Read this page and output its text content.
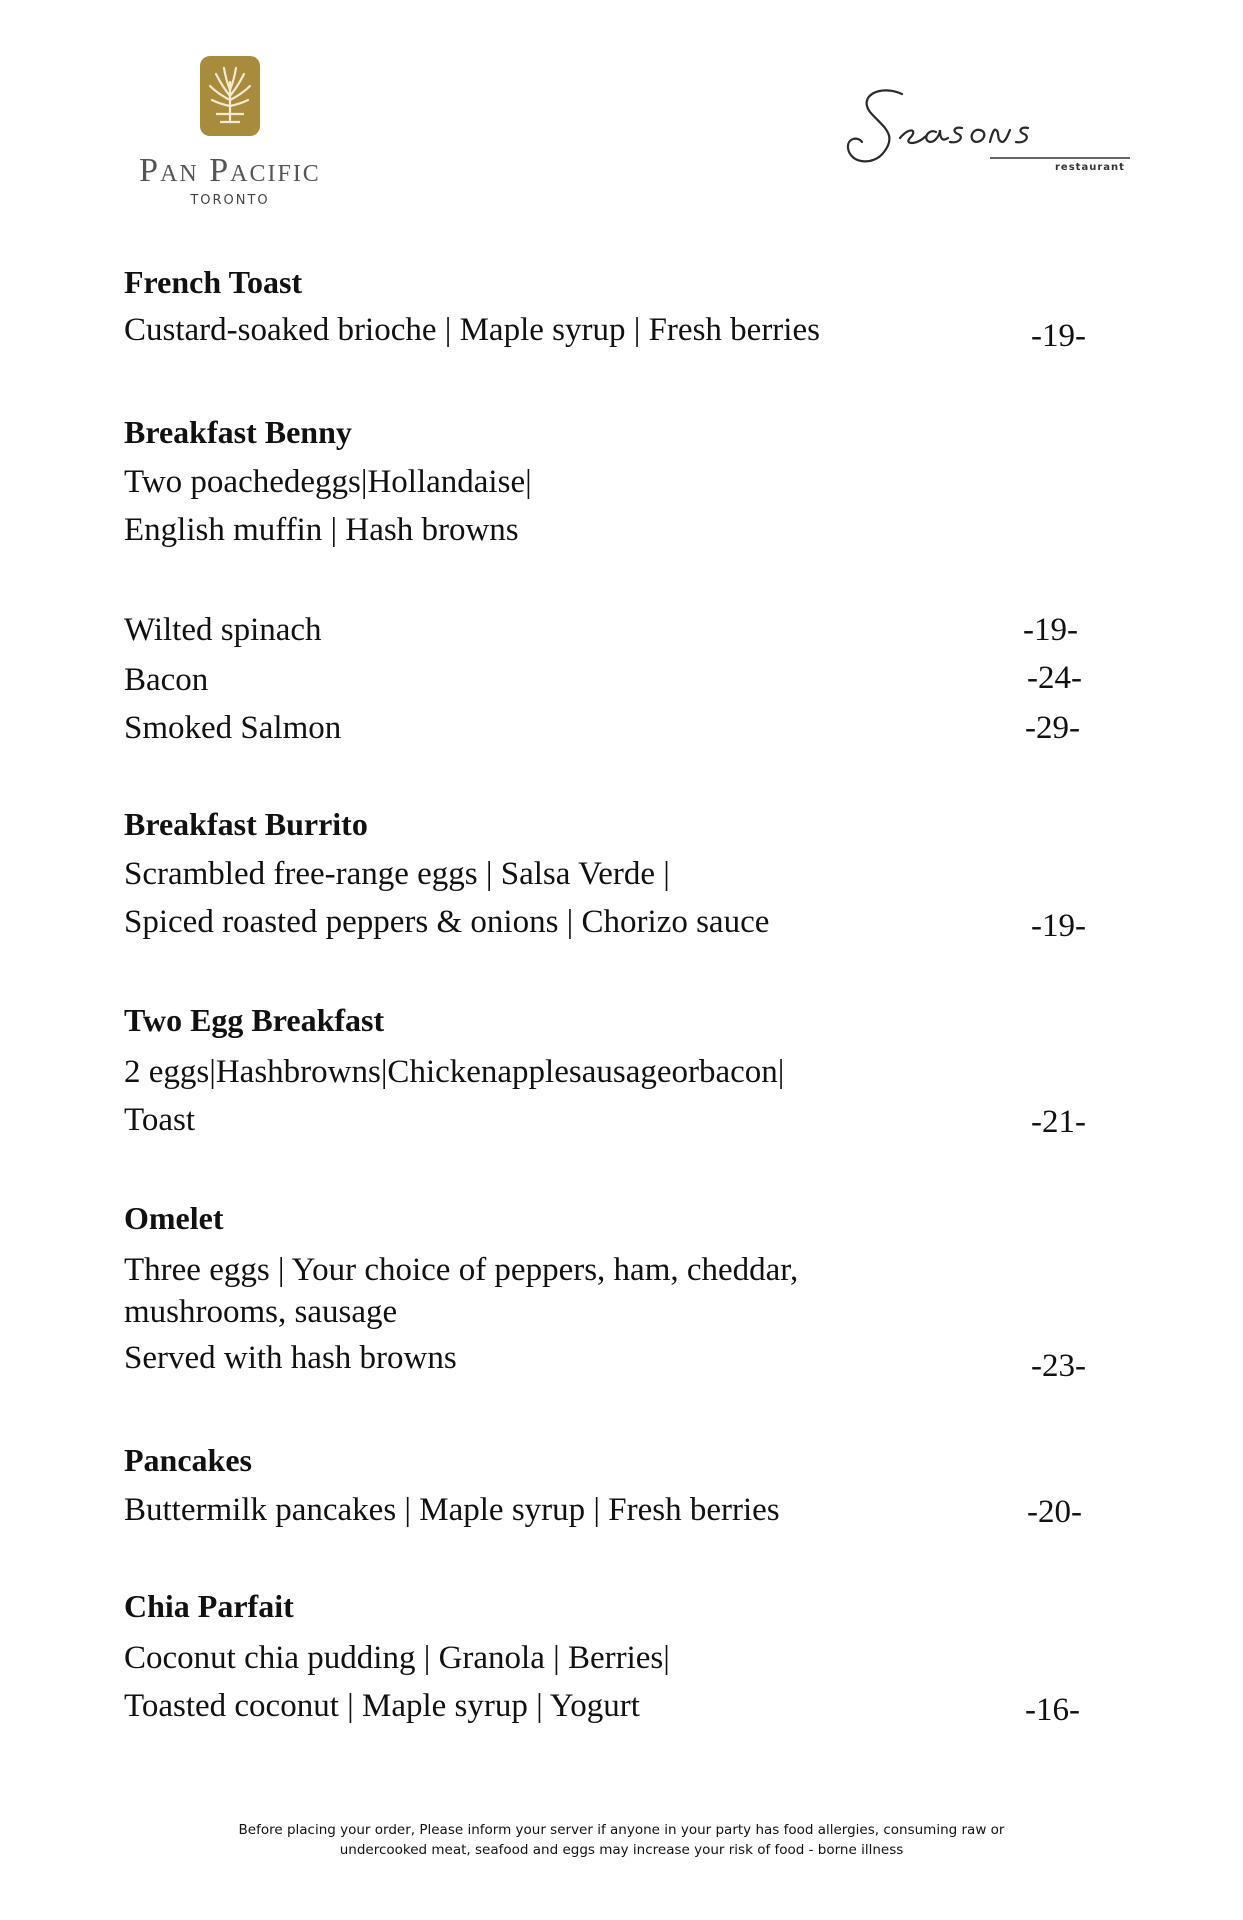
Pan Pacific
TORONTO
restaurant
French Toast
Custard-soaked brioche | Maple syrup | Fresh berries	-19-
Breakfast Benny
Two poachedeggs|Hollandaise|
English muffin | Hash browns
Wilted spinach	-19-
Bacon	-24-
Smoked Salmon	-29-
Breakfast Burrito
Scrambled free-range eggs | Salsa Verde |
Spiced roasted peppers & onions | Chorizo sauce	-19-
Two Egg Breakfast
2 eggs|Hashbrowns|Chickenapplesausageorbacon|
Toast	-21-
Omelet
Three eggs | Your choice of peppers, ham, cheddar,
mushrooms, sausage
Served with hash browns	-23-
Pancakes
Buttermilk pancakes | Maple syrup | Fresh berries	-20-
Chia Parfait
Coconut chia pudding | Granola | Berries|
Toasted coconut | Maple syrup | Yogurt	-16-
Before placing your order, Please inform your server if anyone in your party has food allergies, consuming raw or
undercooked meat, seafood and eggs may increase your risk of food - borne illness
